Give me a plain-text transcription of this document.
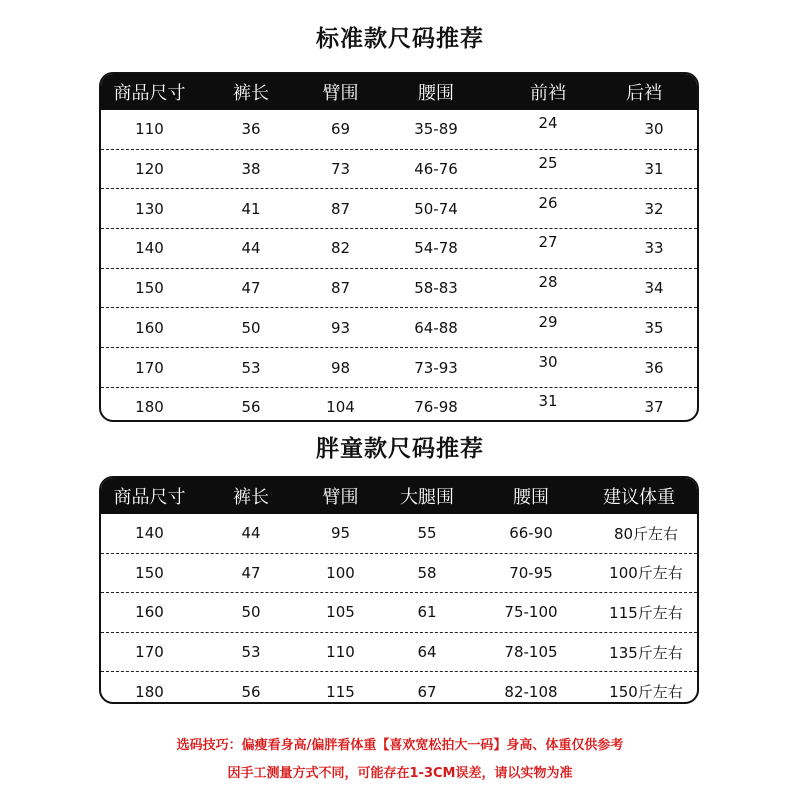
标准款尺码推荐
商品尺寸	裤长	臂围	腰围	前裆	后裆
110	36	69	35-89	24	30
120	38	73	46-76	25	31
130	41	87	50-74	26	32
140	44	82	54-78	27	33
150	47	87	58-83	28	34
160	50	93	64-88	29	35
170	53	98	73-93	30	36
180	56	104	76-98	31	37
胖童款尺码推荐
商品尺寸	裤长	臂围	大腿围	腰围	建议体重
140	44	95	55	66-90	80斤左右
150	47	100	58	70-95	100斤左右
160	50	105	61	75-100	115斤左右
170	53	110	64	78-105	135斤左右
180	56	115	67	82-108	150斤左右
选码技巧：偏瘦看身高/偏胖看体重【喜欢宽松拍大一码】身高、体重仅供参考
因手工测量方式不同，可能存在1-3CM误差，请以实物为准
